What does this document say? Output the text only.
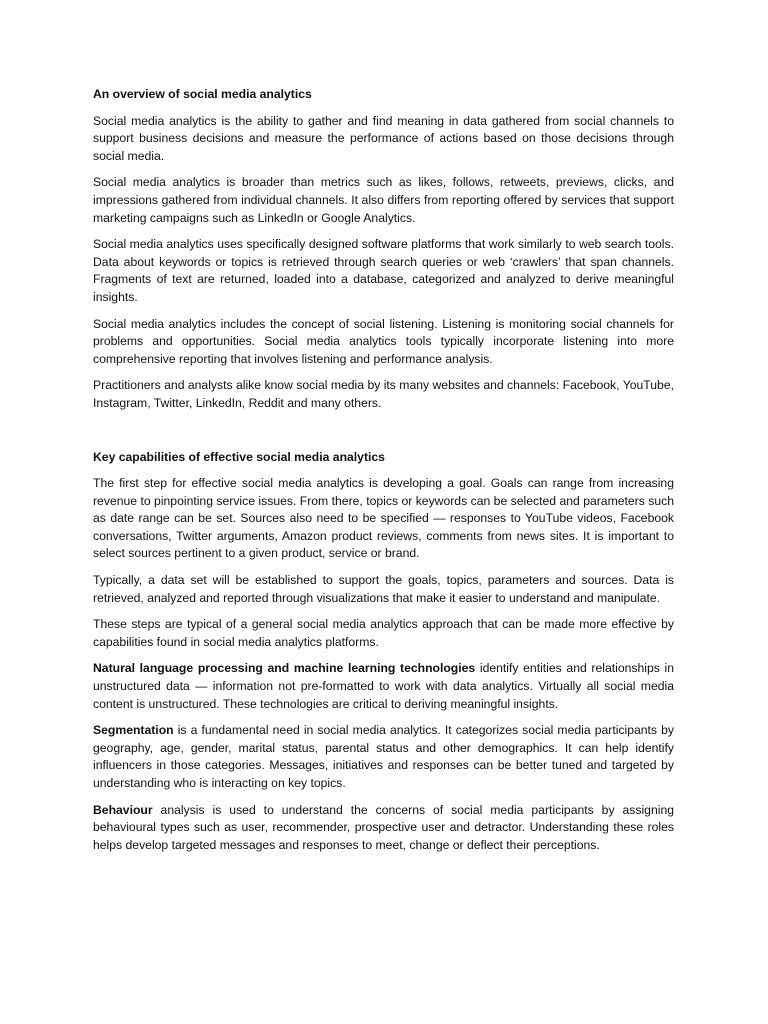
An overview of social media analytics

Social media analytics is the ability to gather and find meaning in data gathered from social channels to support business decisions and measure the performance of actions based on those decisions through social media.

Social media analytics is broader than metrics such as likes, follows, retweets, previews, clicks, and impressions gathered from individual channels. It also differs from reporting offered by services that support marketing campaigns such as LinkedIn or Google Analytics.

Social media analytics uses specifically designed software platforms that work similarly to web search tools. Data about keywords or topics is retrieved through search queries or web ‘crawlers’ that span channels. Fragments of text are returned, loaded into a database, categorized and analyzed to derive meaningful insights.

Social media analytics includes the concept of social listening. Listening is monitoring social channels for problems and opportunities. Social media analytics tools typically incorporate listening into more comprehensive reporting that involves listening and performance analysis.

Practitioners and analysts alike know social media by its many websites and channels: Facebook, YouTube, Instagram, Twitter, LinkedIn, Reddit and many others.

Key capabilities of effective social media analytics

The first step for effective social media analytics is developing a goal. Goals can range from increasing revenue to pinpointing service issues. From there, topics or keywords can be selected and parameters such as date range can be set. Sources also need to be specified — responses to YouTube videos, Facebook conversations, Twitter arguments, Amazon product reviews, comments from news sites. It is important to select sources pertinent to a given product, service or brand.

Typically, a data set will be established to support the goals, topics, parameters and sources. Data is retrieved, analyzed and reported through visualizations that make it easier to understand and manipulate.

These steps are typical of a general social media analytics approach that can be made more effective by capabilities found in social media analytics platforms.

Natural language processing and machine learning technologies identify entities and relationships in unstructured data — information not pre-formatted to work with data analytics. Virtually all social media content is unstructured. These technologies are critical to deriving meaningful insights.

Segmentation is a fundamental need in social media analytics. It categorizes social media participants by geography, age, gender, marital status, parental status and other demographics. It can help identify influencers in those categories. Messages, initiatives and responses can be better tuned and targeted by understanding who is interacting on key topics.

Behaviour analysis is used to understand the concerns of social media participants by assigning behavioural types such as user, recommender, prospective user and detractor. Understanding these roles helps develop targeted messages and responses to meet, change or deflect their perceptions.
